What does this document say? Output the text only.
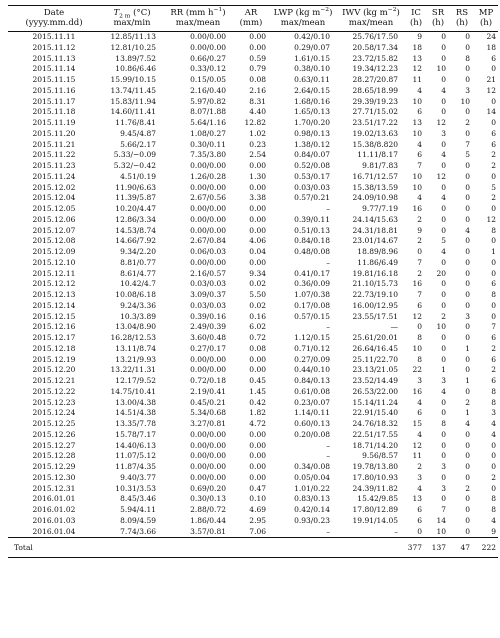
Date	$T_{2 m}$ (°C)	RR (mm $h^{-1}$)	AR	LWP (kg $m^{-2}$)	IWV (kg $m^{-2}$)	IC	SR	RS	MP
(yyyy.mm.dd)	max/min	max/mean	(mm)	max/mean	max/mean	(h)	(h)	(h)	(h)
2015.11.11	12.85/11.13	0.00/0.00	0.00	0.42/0.10	25.76/17.50	9	0	0	24
2015.11.12	12.81/10.25	0.00/0.00	0.00	0.29/0.07	20.58/17.34	18	0	0	18
2015.11.13	13.89/7.52	0.66/0.27	0.59	1.61/0.15	23.72/15.82	13	0	8	6
2015.11.14	10.86/6.46	0.33/0.12	0.79	0.38/0.10	19.34/12.23	12	10	0	0
2015.11.15	15.99/10.15	0.15/0.05	0.08	0.63/0.11	28.27/20.87	11	0	0	21
2015.11.16	13.74/11.45	2.16/0.40	2.16	2.64/0.15	28.65/18.99	4	4	3	12
2015.11.17	15.83/11.94	5.97/0.82	8.31	1.68/0.16	29.39/19.23	10	0	10	0
2015.11.18	14.60/11.41	8.07/1.88	4.40	1.65/0.13	27.71/15.02	6	0	0	14
2015.11.19	11.76/8.41	5.64/1.16	12.82	1.70/0.20	23.51/17.22	13	12	2	0
2015.11.20	9.45/4.87	1.08/0.27	1.02	0.98/0.13	19.02/13.63	10	3	0	6
2015.11.21	5.66/2.17	0.30/0.11	0.23	1.38/0.12	15.38/8.820	4	0	7	6
2015.11.22	5.33/−0.09	7.35/3.80	2.54	0.84/0.07	11.11/8.17	6	4	5	2
2015.11.23	5.32/−0.42	0.00/0.00	0.00	0.52/0.08	9.81/7.83	7	0	0	2
2015.11.24	4.51/0.19	1.26/0.28	1.30	0.53/0.17	16.71/12.57	10	12	0	0
2015.12.02	11.90/6.63	0.00/0.00	0.00	0.03/0.03	15.38/13.59	10	0	0	5
2015.12.04	11.39/5.87	2.67/0.56	3.38	0.57/0.21	24.09/10.98	4	4	0	2
2015.12.05	10.20/4.47	0.00/0.00	0.00	–	9.77/7.19	16	0	0	0
2015.12.06	12.86/3.34	0.00/0.00	0.00	0.39/0.11	24.14/15.63	2	0	0	12
2015.12.07	14.53/8.74	0.00/0.00	0.00	0.51/0.13	24.31/18.81	9	0	4	8
2015.12.08	14.66/7.92	2.67/0.84	4.06	0.84/0.18	23.01/14.67	2	5	0	0
2015.12.09	9.34/2.20	0.06/0.03	0.04	0.48/0.08	18.89/8.96	0	4	0	1
2015.12.10	8.81/0.77	0.00/0.00	0.00	–	11.86/6.49	7	0	0	0
2015.12.11	8.61/4.77	2.16/0.57	9.34	0.41/0.17	19.81/16.18	2	20	0	0
2015.12.12	10.42/4.7	0.03/0.03	0.02	0.36/0.09	21.10/15.73	16	0	0	6
2015.12.13	10.08/6.18	3.09/0.37	5.50	1.07/0.38	22.73/19.10	7	0	0	8
2015.12.14	9.24/3.36	0.03/0.03	0.02	0.17/0.08	16.00/12.95	6	0	0	0
2015.12.15	10.3/3.89	0.39/0.16	0.16	0.57/0.15	23.55/17.51	12	2	3	0
2015.12.16	13.04/8.90	2.49/0.39	6.02	–	—	0	10	0	7
2015.12.17	16.28/12.53	3.60/0.48	0.72	1.12/0.15	25.61/20.01	8	0	0	6
2015.12.18	13.11/8.74	0.27/0.17	0.08	0.71/0.12	26.64/16.45	10	0	1	2
2015.12.19	13.21/9.93	0.00/0.00	0.00	0.27/0.09	25.11/22.70	8	0	0	6
2015.12.20	13.22/11.31	0.00/0.00	0.00	0.44/0.10	23.13/21.05	22	1	0	2
2015.12.21	12.17/9.52	0.72/0.18	0.45	0.84/0.13	23.52/14.49	3	3	1	6
2015.12.22	14.75/10.41	2.19/0.41	1.45	0.61/0.08	26.53/22.00	16	4	0	8
2015.12.23	13.00/4.38	0.45/0.21	0.42	0.23/0.07	15.14/11.24	4	0	2	8
2015.12.24	14.51/4.38	5.34/0.68	1.82	1.14/0.11	22.91/15.40	6	0	1	3
2015.12.25	13.35/7.78	3.27/0.81	4.72	0.60/0.13	24.76/18.32	15	8	4	4
2015.12.26	15.78/7.17	0.00/0.00	0.00	0.20/0.08	22.51/17.55	4	0	0	4
2015.12.27	14.40/6.13	0.00/0.00	0.00	–	18.71/14.20	12	0	0	0
2015.12.28	11.07/5.12	0.00/0.00	0.00	–	9.56/8.57	11	0	0	0
2015.12.29	11.87/4.35	0.00/0.00	0.00	0.34/0.08	19.78/13.80	2	3	0	0
2015.12.30	9.40/3.77	0.00/0.00	0.00	0.05/0.04	17.80/10.93	3	0	0	2
2015.12.31	10.31/3.53	0.69/0.20	0.47	1.01/0.22	24.39/11.82	4	3	2	0
2016.01.01	8.45/3.46	0.30/0.13	0.10	0.83/0.13	15.42/9.85	13	0	0	8
2016.01.02	5.94/4.11	2.88/0.72	4.69	0.42/0.14	17.80/12.89	6	7	0	8
2016.01.03	8.09/4.59	1.86/0.44	2.95	0.93/0.23	19.91/14.05	6	14	0	4
2016.01.04	7.74/3.66	3.57/0.81	7.06	–	–	0	10	0	9
Total						377	137	47	222
